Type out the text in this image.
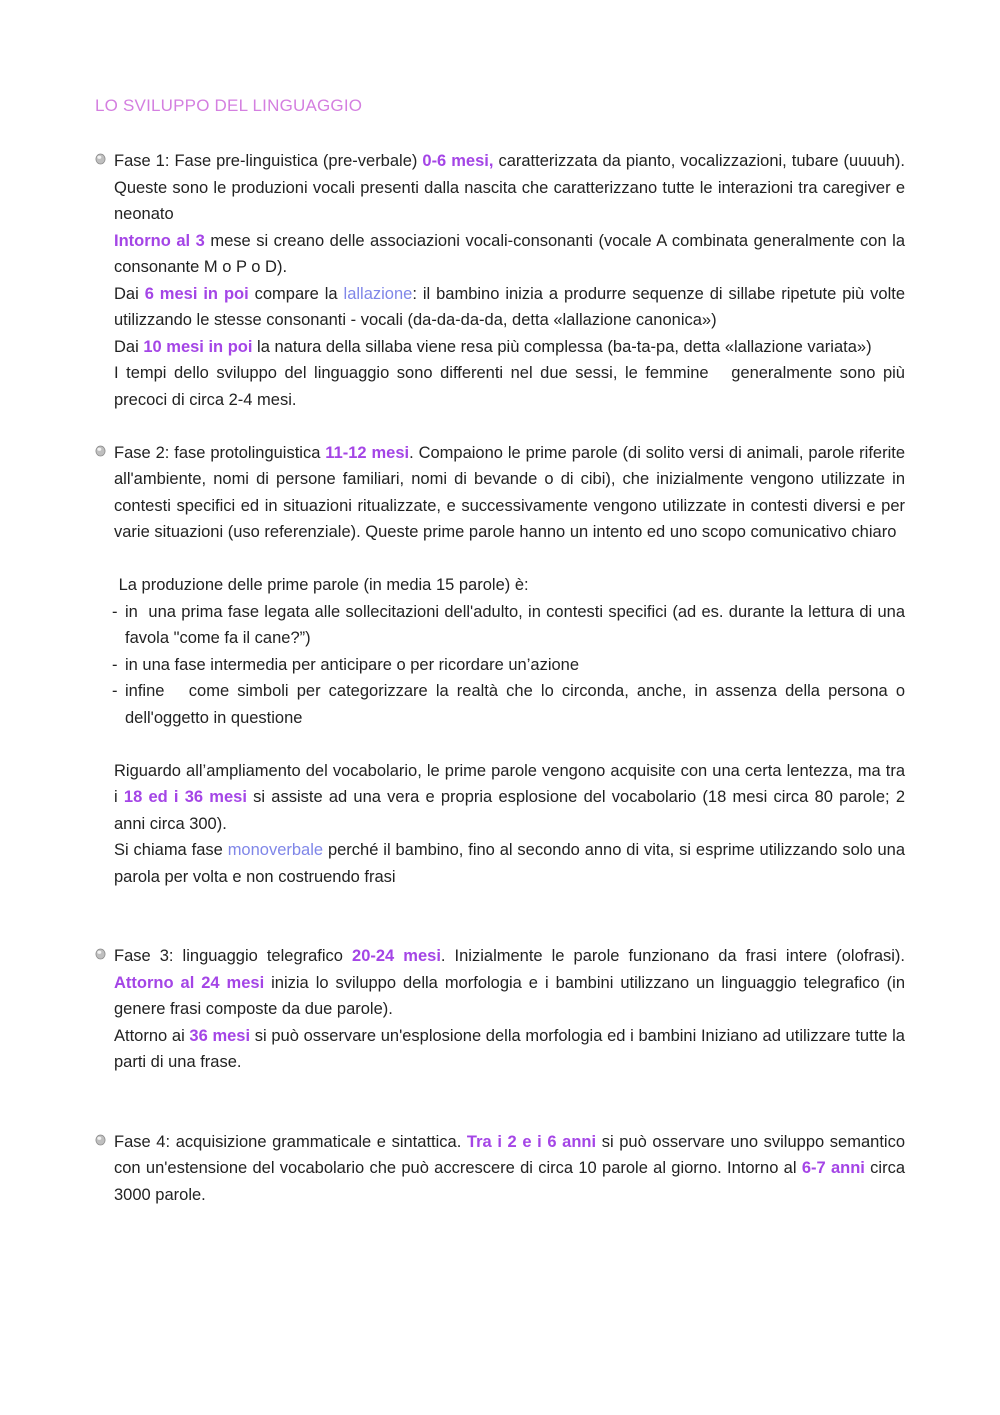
LO SVILUPPO DEL LINGUAGGIO

Fase 1: Fase pre-linguistica (pre-verbale) 0-6 mesi, caratterizzata da pianto, vocalizzazioni, tubare (uuuuh). Queste sono le produzioni vocali presenti dalla nascita che caratterizzano tutte le interazioni tra caregiver e neonato

Intorno al 3 mese si creano delle associazioni vocali-consonanti (vocale A combinata generalmente con la consonante M o P o D).

Dai 6 mesi in poi compare la lallazione: il bambino inizia a produrre sequenze di sillabe ripetute più volte utilizzando le stesse consonanti - vocali (da-da-da-da, detta «lallazione canonica»)

Dai 10 mesi in poi la natura della sillaba viene resa più complessa (ba-ta-pa, detta «lallazione variata»)

I tempi dello sviluppo del linguaggio sono differenti nel due sessi, le femmine   generalmente sono più precoci di circa 2-4 mesi.

Fase 2: fase protolinguistica 11-12 mesi. Compaiono le prime parole (di solito versi di animali, parole riferite all'ambiente, nomi di persone familiari, nomi di bevande o di cibi), che inizialmente vengono utilizzate in contesti specifici ed in situazioni ritualizzate, e successivamente vengono utilizzate in contesti diversi e per varie situazioni (uso referenziale). Queste prime parole hanno un intento ed uno scopo comunicativo chiaro

La produzione delle prime parole (in media 15 parole) è:

- in  una prima fase legata alle sollecitazioni dell'adulto, in contesti specifici (ad es. durante la lettura di una favola "come fa il cane?”)
- in una fase intermedia per anticipare o per ricordare un’azione
- infine   come simboli per categorizzare la realtà che lo circonda, anche, in assenza della persona o dell'oggetto in questione

Riguardo all’ampliamento del vocabolario, le prime parole vengono acquisite con una certa lentezza, ma tra i 18 ed i 36 mesi si assiste ad una vera e propria esplosione del vocabolario (18 mesi circa 80 parole; 2 anni circa 300).

Si chiama fase monoverbale perché il bambino, fino al secondo anno di vita, si esprime utilizzando solo una parola per volta e non costruendo frasi

Fase 3: linguaggio telegrafico 20-24 mesi. Inizialmente le parole funzionano da frasi intere (olofrasi). Attorno al 24 mesi inizia lo sviluppo della morfologia e i bambini utilizzano un linguaggio telegrafico (in genere frasi composte da due parole).

Attorno ai 36 mesi si può osservare un'esplosione della morfologia ed i bambini Iniziano ad utilizzare tutte la parti di una frase.

Fase 4: acquisizione grammaticale e sintattica. Tra i 2 e i 6 anni si può osservare uno sviluppo semantico con un'estensione del vocabolario che può accrescere di circa 10 parole al giorno. Intorno al 6-7 anni circa 3000 parole.
